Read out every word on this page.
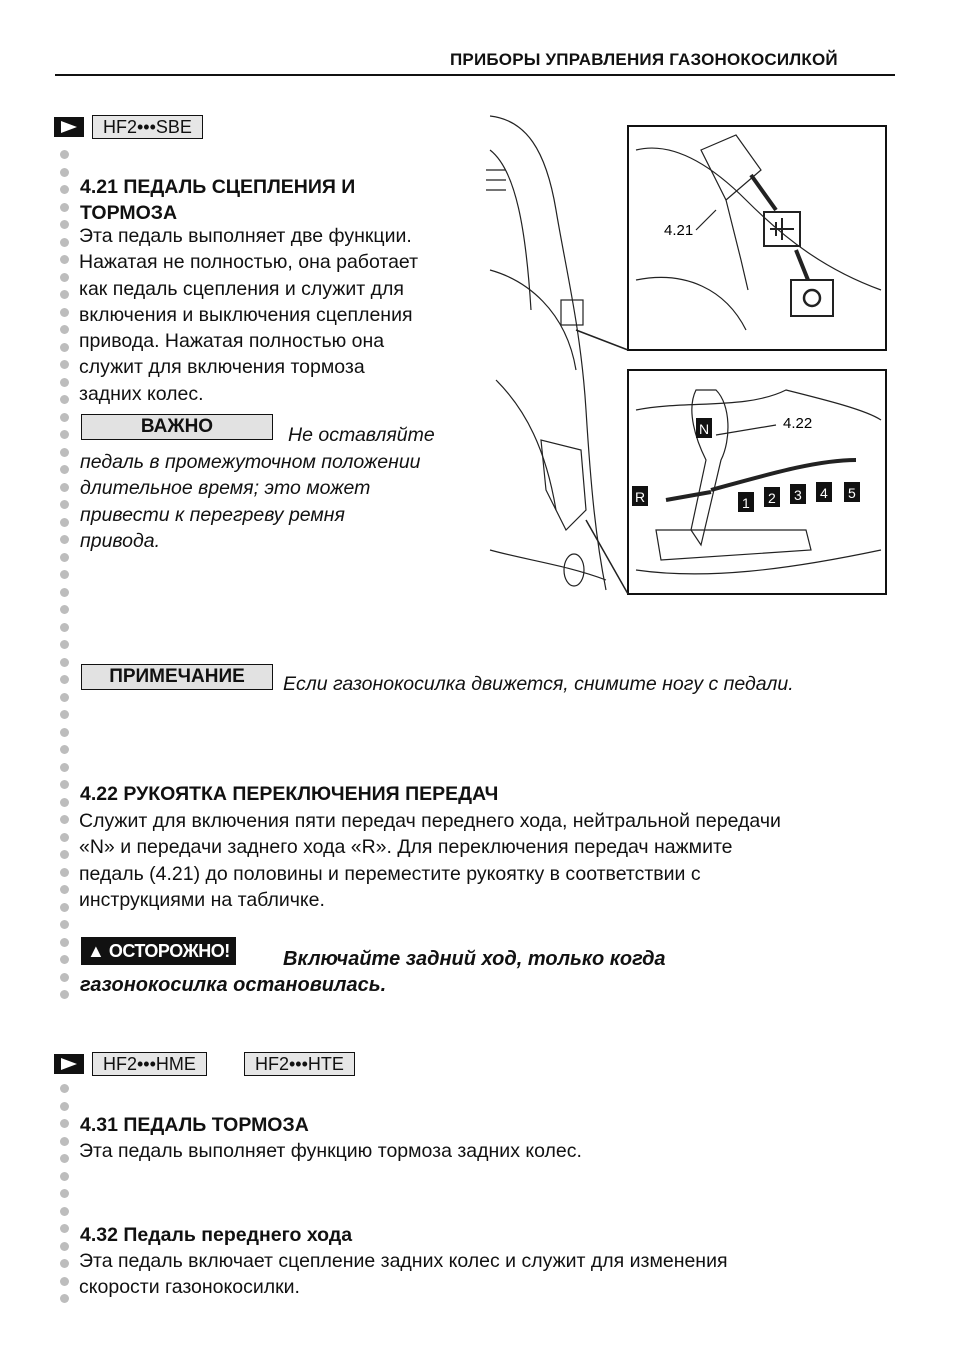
ПРИБОРЫ УПРАВЛЕНИЯ ГАЗОНОКОСИЛКОЙ
HF2•••SBE
4.21 ПЕДАЛЬ СЦЕПЛЕНИЯ И
ТОРМОЗА
Эта педаль выполняет две функции.
Нажатая не полностью, она работает
как педаль сцепления и служит для
включения и выключения сцепления
привода. Нажатая полностью она
служит для включения тормоза
задних колес.
ВАЖНО	Не оставляйте
педаль в промежуточном положении
длительное время; это может
привести к перегреву ремня
привода.
ПРИМЕЧАНИЕ	Если газонокосилка движется, снимите ногу с педали.
4.21
4.22
N
R	1 2 3 4 5
4.22 РУКОЯТКА ПЕРЕКЛЮЧЕНИЯ ПЕРЕДАЧ
Служит для включения пяти передач переднего хода, нейтральной передачи
«N» и передачи заднего хода «R». Для переключения передач нажмите
педаль (4.21) до половины и переместите рукоятку в соответствии с
инструкциями на табличке.
▲ ОСТОРОЖНО!	Включайте задний ход, только когда
газонокосилка остановилась.
HF2•••HME	HF2•••HTE
4.31 ПЕДАЛЬ ТОРМОЗА
Эта педаль выполняет функцию тормоза задних колес.
4.32 Педаль переднего хода
Эта педаль включает сцепление задних колес и служит для изменения
скорости газонокосилки.
